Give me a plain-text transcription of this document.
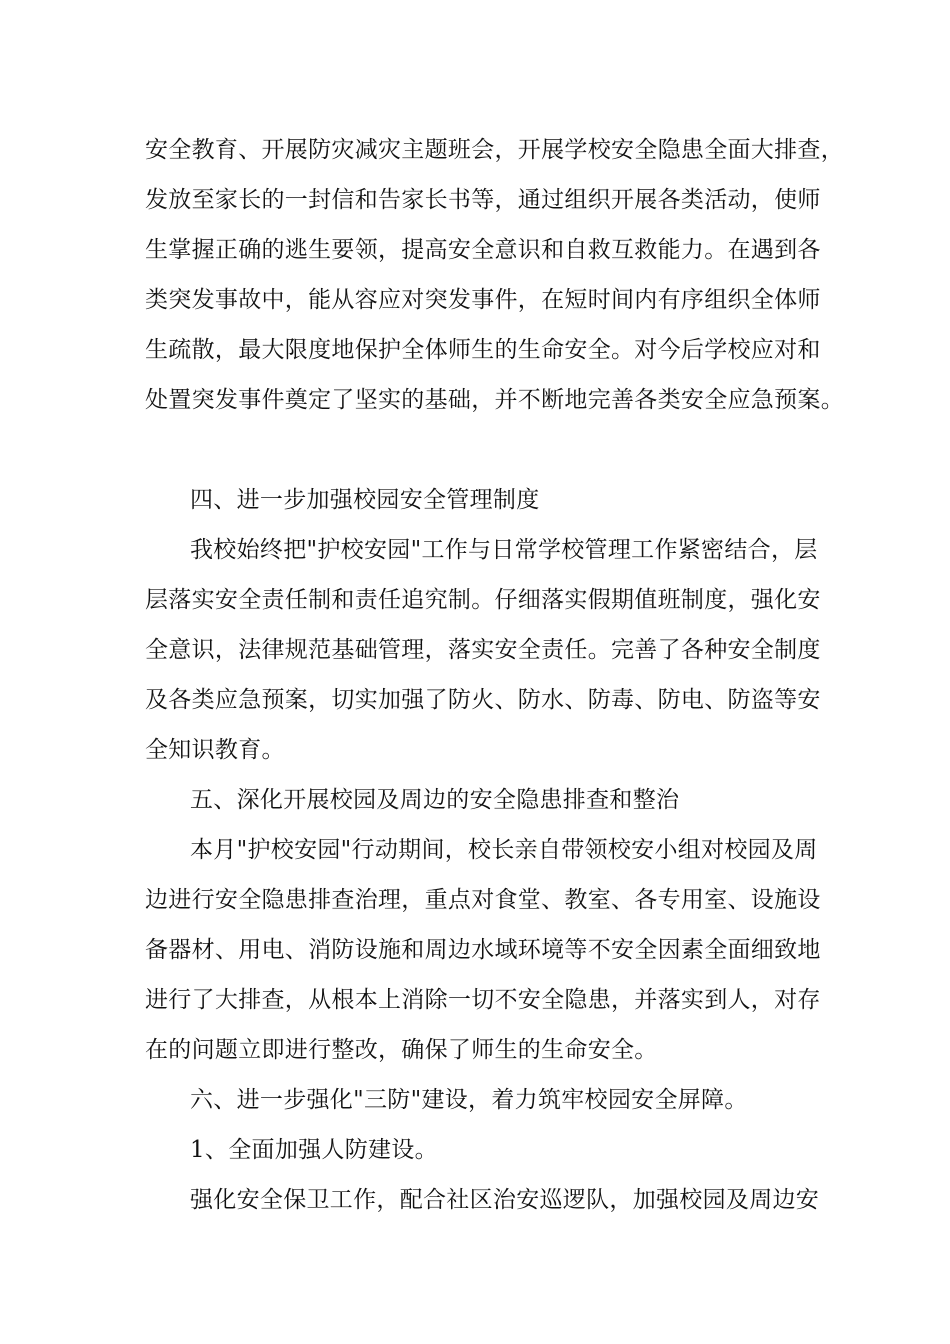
安全教育、开展防灾减灾主题班会，开展学校安全隐患全面大排查，
发放至家长的一封信和告家长书等，通过组织开展各类活动，使师
生掌握正确的逃生要领，提高安全意识和自救互救能力。在遇到各
类突发事故中，能从容应对突发事件，在短时间内有序组织全体师
生疏散，最大限度地保护全体师生的生命安全。对今后学校应对和
处置突发事件奠定了坚实的基础，并不断地完善各类安全应急预案。
四、进一步加强校园安全管理制度
我校始终把"护校安园"工作与日常学校管理工作紧密结合，层
层落实安全责任制和责任追究制。仔细落实假期值班制度，强化安
全意识，法律规范基础管理，落实安全责任。完善了各种安全制度
及各类应急预案，切实加强了防火、防水、防毒、防电、防盗等安
全知识教育。
五、深化开展校园及周边的安全隐患排查和整治
本月"护校安园"行动期间，校长亲自带领校安小组对校园及周
边进行安全隐患排查治理，重点对食堂、教室、各专用室、设施设
备器材、用电、消防设施和周边水域环境等不安全因素全面细致地
进行了大排查，从根本上消除一切不安全隐患，并落实到人，对存
在的问题立即进行整改，确保了师生的生命安全。
六、进一步强化"三防"建设，着力筑牢校园安全屏障。
1、全面加强人防建设。
强化安全保卫工作，配合社区治安巡逻队，加强校园及周边安
